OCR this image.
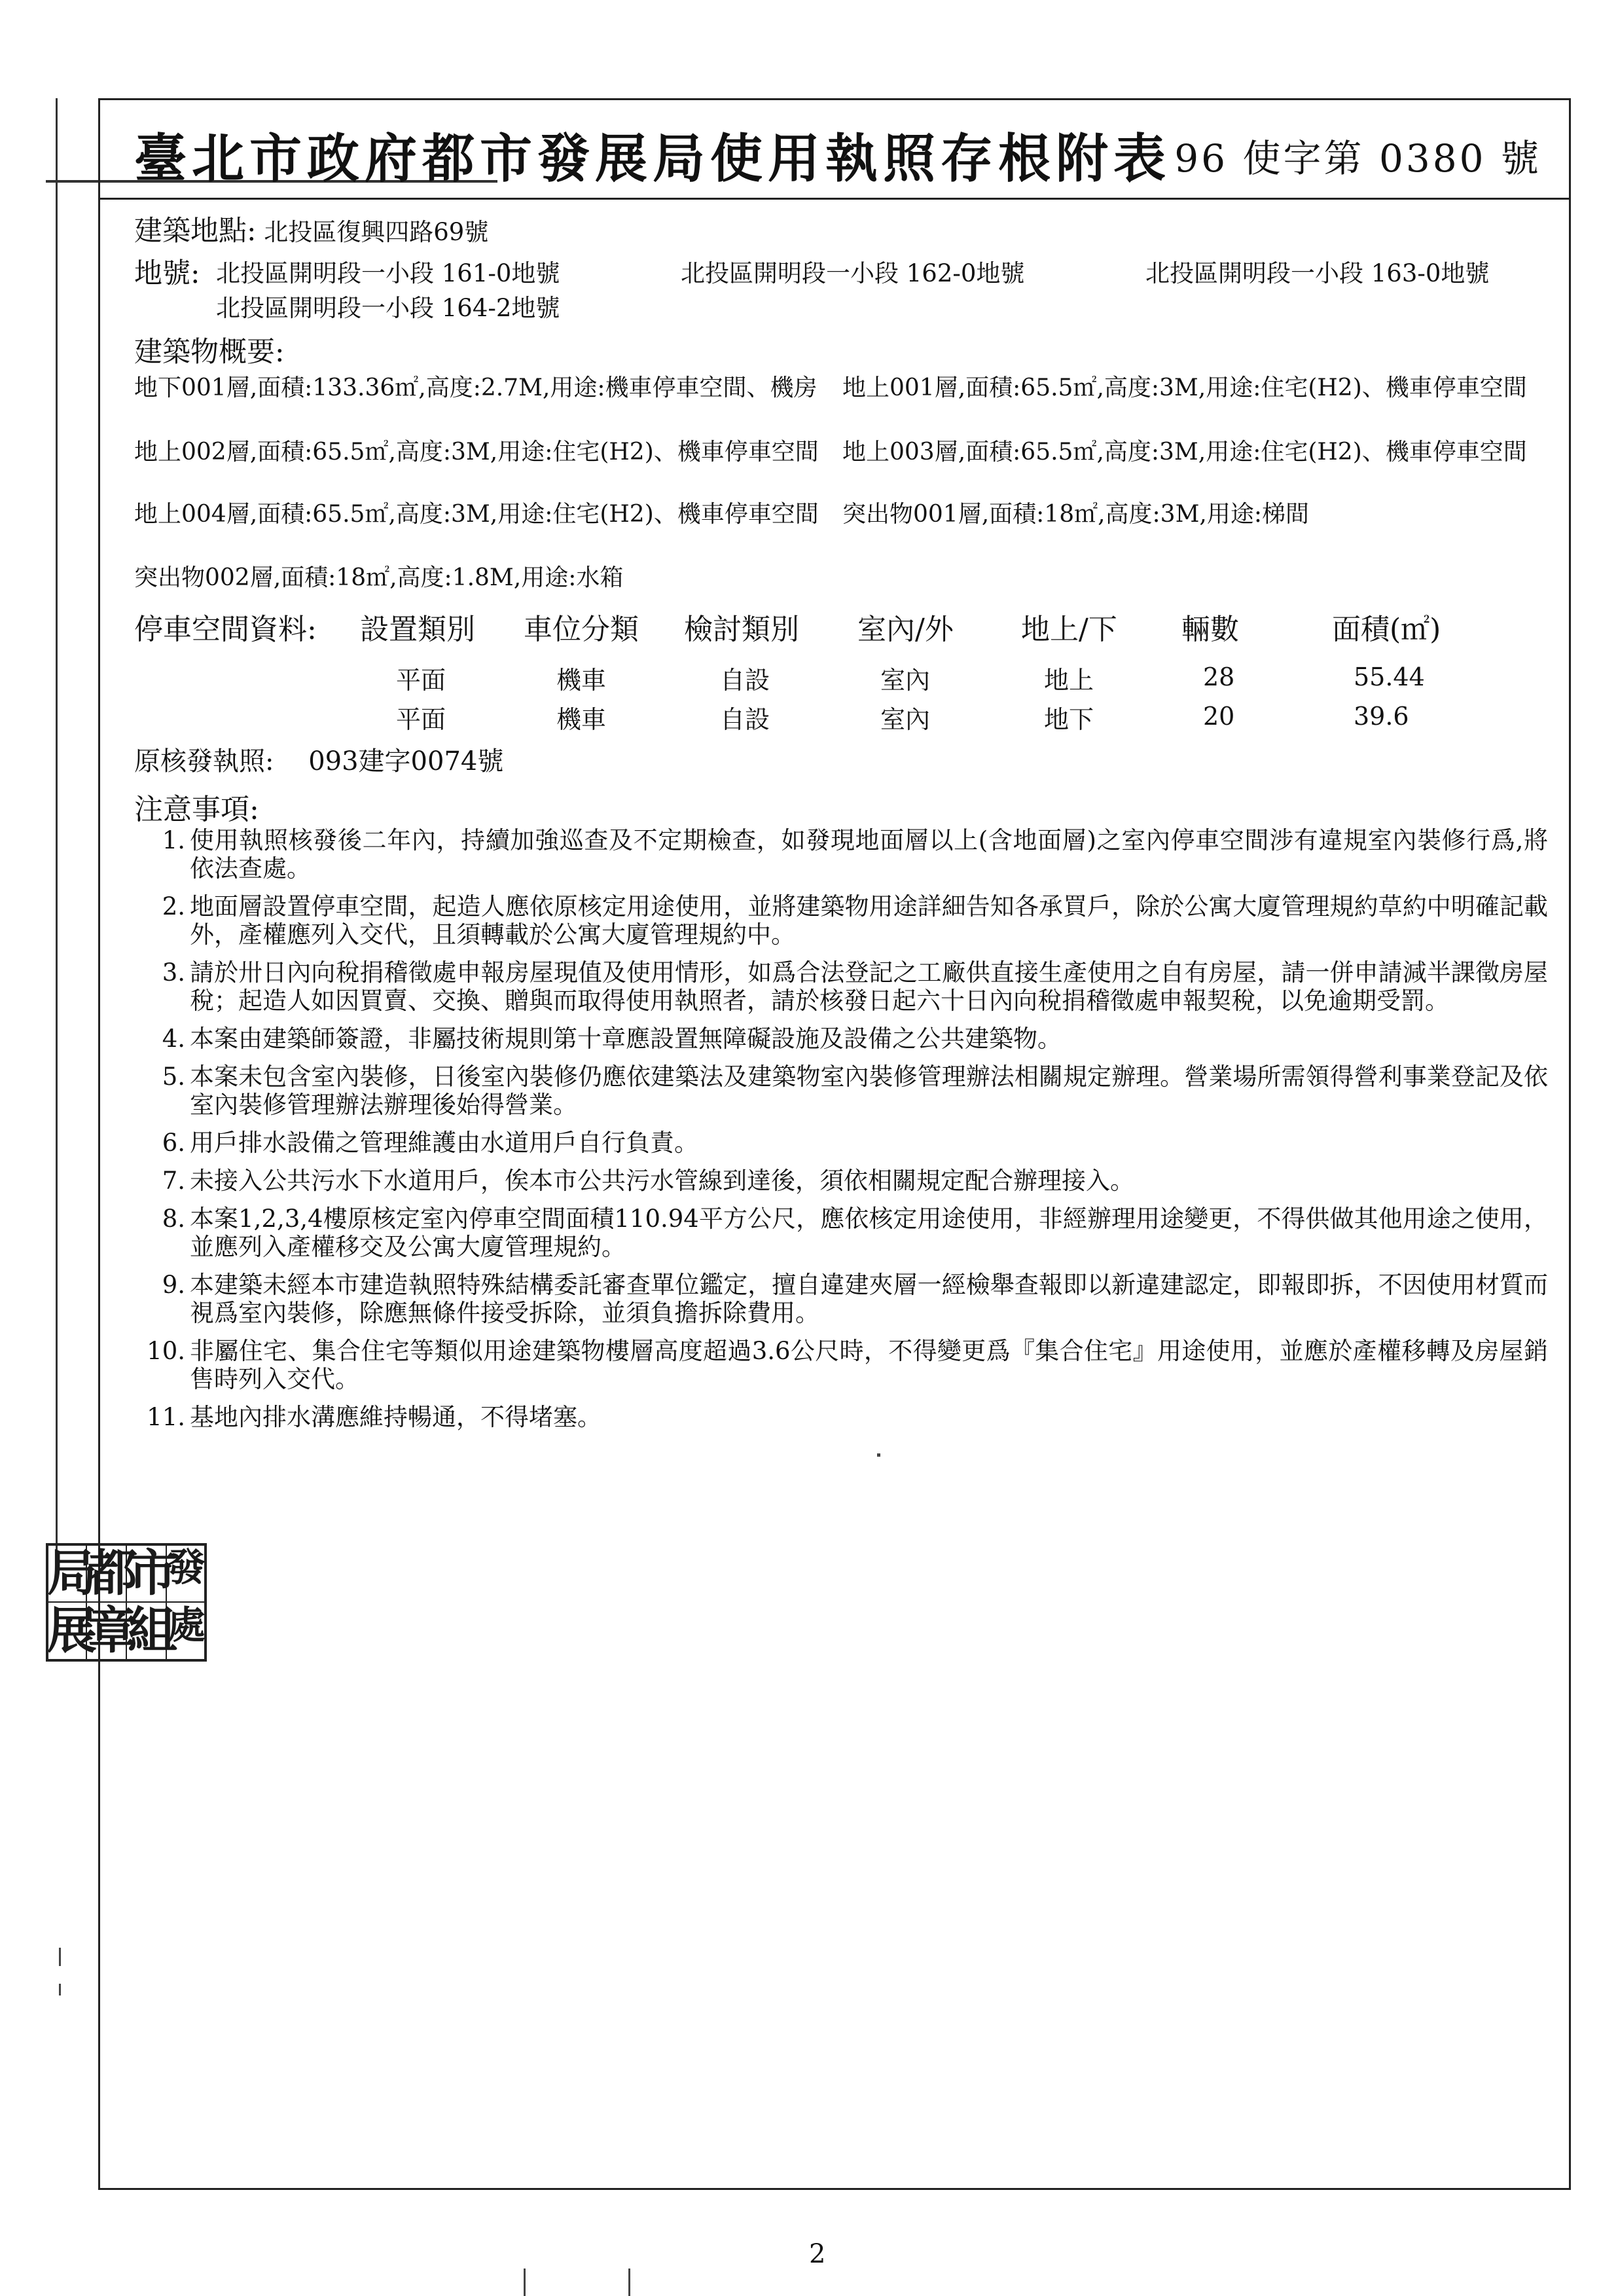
臺北市政府都市發展局使用執照存根附表 96 使字第 0380 號
建築地點: 北投區復興四路69號
地號: 北投區開明段一小段 161-0地號	北投區開明段一小段 162-0地號	北投區開明段一小段 163-0地號
北投區開明段一小段 164-2地號
建築物概要:
地下001層,面積:133.36㎡,高度:2.7M,用途:機車停車空間、機房	地上001層,面積:65.5㎡,高度:3M,用途:住宅(H2)、機車停車空間
地上002層,面積:65.5㎡,高度:3M,用途:住宅(H2)、機車停車空間	地上003層,面積:65.5㎡,高度:3M,用途:住宅(H2)、機車停車空間
地上004層,面積:65.5㎡,高度:3M,用途:住宅(H2)、機車停車空間	突出物001層,面積:18㎡,高度:3M,用途:梯間
突出物002層,面積:18㎡,高度:1.8M,用途:水箱
停車空間資料: 設置類別 車位分類 檢討類別 室內/外 地上/下 輛數	面積(㎡)
平面	機車	自設	室內	地上	28	55.44
平面	機車	自設	室內	地下	20	39.6
原核發執照: 093建字0074號
注意事項:
1. 使用執照核發後二年內，持續加強巡查及不定期檢查，如發現地面層以上(含地面層)之室內停車空間涉有違規室內裝修行爲,將依法查處。
2. 地面層設置停車空間，起造人應依原核定用途使用，並將建築物用途詳細告知各承買戶，除於公寓大廈管理規約草約中明確記載外，產權應列入交代，且須轉載於公寓大廈管理規約中。
3. 請於卅日內向稅捐稽徵處申報房屋現值及使用情形，如爲合法登記之工廠供直接生產使用之自有房屋，請一併申請減半課徵房屋稅；起造人如因買賣、交換、贈與而取得使用執照者，請於核發日起六十日內向稅捐稽徵處申報契稅，以免逾期受罰。
4. 本案由建築師簽證，非屬技術規則第十章應設置無障礙設施及設備之公共建築物。
5. 本案未包含室內裝修，日後室內裝修仍應依建築法及建築物室內裝修管理辦法相關規定辦理。營業場所需領得營利事業登記及依室內裝修管理辦法辦理後始得營業。
6. 用戶排水設備之管理維護由水道用戶自行負責。
7. 未接入公共污水下水道用戶，俟本市公共污水管線到達後，須依相關規定配合辦理接入。
8. 本案1,2,3,4樓原核定室內停車空間面積110.94平方公尺，應依核定用途使用，非經辦理用途變更，不得供做其他用途之使用，並應列入產權移交及公寓大廈管理規約。
9. 本建築未經本市建造執照特殊結構委託審查單位鑑定，擅自違建夾層一經檢舉查報即以新違建認定，即報即拆，不因使用材質而視爲室內裝修，除應無條件接受拆除，並須負擔拆除費用。
10. 非屬住宅、集合住宅等類似用途建築物樓層高度超過3.6公尺時，不得變更爲『集合住宅』用途使用，並應於產權移轉及房屋銷售時列入交代。
11. 基地內排水溝應維持暢通，不得堵塞。
局
都
市
發
展
章
組
處
2
